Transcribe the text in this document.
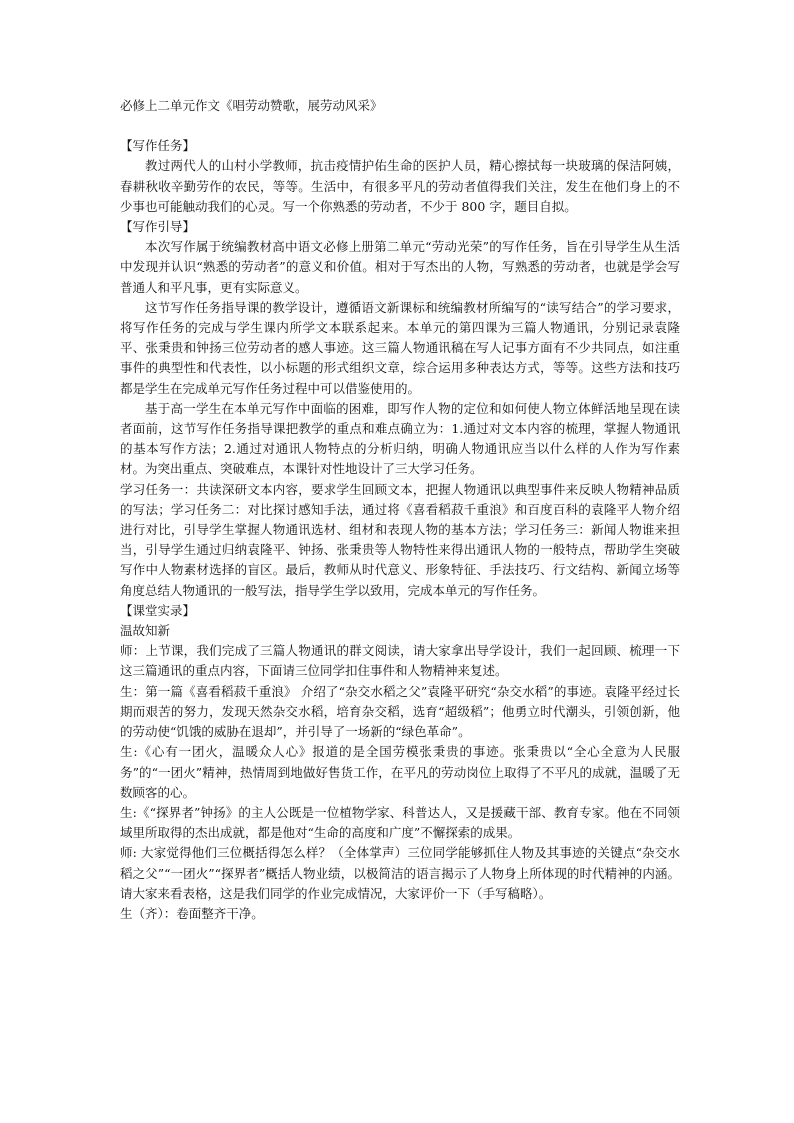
必修上二单元作文《唱劳动赞歌，展劳动风采》

【写作任务】

教过两代人的山村小学教师，抗击疫情护佑生命的医护人员，精心擦拭每一块玻璃的保洁阿姨，春耕秋收辛勤劳作的农民，等等。生活中，有很多平凡的劳动者值得我们关注，发生在他们身上的不少事也可能触动我们的心灵。写一个你熟悉的劳动者，不少于 800 字，题目自拟。

【写作引导】

本次写作属于统编教材高中语文必修上册第二单元“劳动光荣”的写作任务，旨在引导学生从生活中发现并认识“熟悉的劳动者”的意义和价值。相对于写杰出的人物，写熟悉的劳动者，也就是学会写普通人和平凡事，更有实际意义。

这节写作任务指导课的教学设计，遵循语文新课标和统编教材所编写的“读写结合”的学习要求，将写作任务的完成与学生课内所学文本联系起来。本单元的第四课为三篇人物通讯，分别记录袁隆平、张秉贵和钟扬三位劳动者的感人事迹。这三篇人物通讯稿在写人记事方面有不少共同点，如注重事件的典型性和代表性，以小标题的形式组织文章，综合运用多种表达方式，等等。这些方法和技巧都是学生在完成单元写作任务过程中可以借鉴使用的。

基于高一学生在本单元写作中面临的困难，即写作人物的定位和如何使人物立体鲜活地呈现在读者面前，这节写作任务指导课把教学的重点和难点确立为：1.通过对文本内容的梳理，掌握人物通讯的基本写作方法；2.通过对通讯人物特点的分析归纳，明确人物通讯应当以什么样的人作为写作素材。为突出重点、突破难点，本课针对性地设计了三大学习任务。

学习任务一：共读深研文本内容，要求学生回顾文本，把握人物通讯以典型事件来反映人物精神品质的写法；学习任务二：对比探讨感知手法，通过将《喜看稻菽千重浪》和百度百科的袁隆平人物介绍进行对比，引导学生掌握人物通讯选材、组材和表现人物的基本方法；学习任务三：新闻人物谁来担当，引导学生通过归纳袁隆平、钟扬、张秉贵等人物特性来得出通讯人物的一般特点，帮助学生突破写作中人物素材选择的盲区。最后，教师从时代意义、形象特征、手法技巧、行文结构、新闻立场等角度总结人物通讯的一般写法，指导学生学以致用，完成本单元的写作任务。

【课堂实录】

温故知新

师：上节课，我们完成了三篇人物通讯的群文阅读，请大家拿出导学设计，我们一起回顾、梳理一下这三篇通讯的重点内容，下面请三位同学扣住事件和人物精神来复述。

生：第一篇《喜看稻菽千重浪》 介绍了“杂交水稻之父”袁隆平研究“杂交水稻”的事迹。袁隆平经过长期而艰苦的努力，发现天然杂交水稻，培育杂交稻，选育“超级稻”；他勇立时代潮头，引领创新，他的劳动使“饥饿的威胁在退却”，并引导了一场新的“绿色革命”。

生:《心有一团火，温暖众人心》报道的是全国劳模张秉贵的事迹。张秉贵以“全心全意为人民服务”的“一团火”精神，热情周到地做好售货工作，在平凡的劳动岗位上取得了不平凡的成就，温暖了无数顾客的心。

生:《“探界者”钟扬》的主人公既是一位植物学家、科普达人，又是援藏干部、教育专家。他在不同领域里所取得的杰出成就，都是他对“生命的高度和广度”不懈探索的成果。

师: 大家觉得他们三位概括得怎么样？（全体掌声）三位同学能够抓住人物及其事迹的关键点“杂交水稻之父”“一团火”“探界者”概括人物业绩，以极简洁的语言揭示了人物身上所体现的时代精神的内涵。请大家来看表格，这是我们同学的作业完成情况，大家评价一下（手写稿略）。

生（齐）：卷面整齐干净。
